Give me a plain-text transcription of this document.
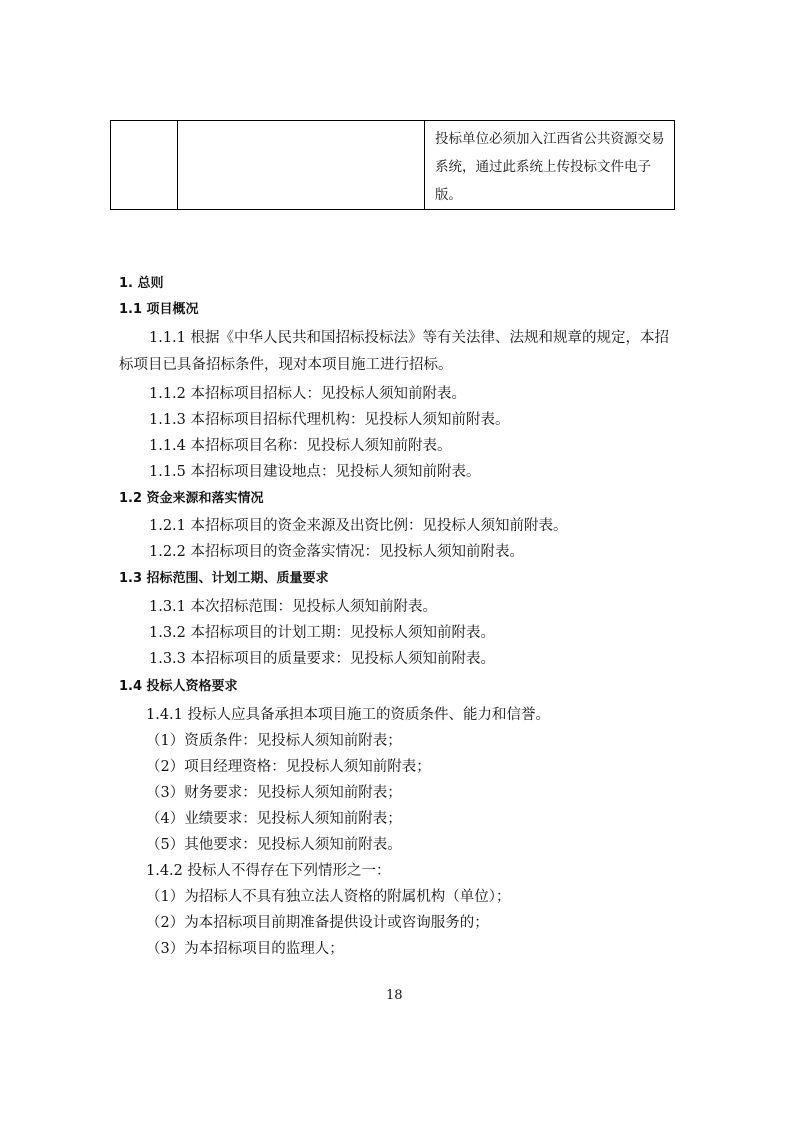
		投标单位必须加入江西省公共资源交易系统，通过此系统上传投标文件电子版。
1. 总则
1.1 项目概况
1.1.1 根据《中华人民共和国招标投标法》等有关法律、法规和规章的规定，本招标项目已具备招标条件，现对本项目施工进行招标。
1.1.2 本招标项目招标人：见投标人须知前附表。
1.1.3 本招标项目招标代理机构：见投标人须知前附表。
1.1.4 本招标项目名称：见投标人须知前附表。
1.1.5 本招标项目建设地点：见投标人须知前附表。
1.2 资金来源和落实情况
1.2.1 本招标项目的资金来源及出资比例：见投标人须知前附表。
1.2.2 本招标项目的资金落实情况：见投标人须知前附表。
1.3 招标范围、计划工期、质量要求
1.3.1 本次招标范围：见投标人须知前附表。
1.3.2 本招标项目的计划工期：见投标人须知前附表。
1.3.3 本招标项目的质量要求：见投标人须知前附表。
1.4 投标人资格要求
1.4.1 投标人应具备承担本项目施工的资质条件、能力和信誉。
（1）资质条件：见投标人须知前附表；
（2）项目经理资格：见投标人须知前附表；
（3）财务要求：见投标人须知前附表；
（4）业绩要求：见投标人须知前附表；
（5）其他要求：见投标人须知前附表。
1.4.2 投标人不得存在下列情形之一：
（1）为招标人不具有独立法人资格的附属机构（单位）；
（2）为本招标项目前期准备提供设计或咨询服务的；
（3）为本招标项目的监理人；
18
